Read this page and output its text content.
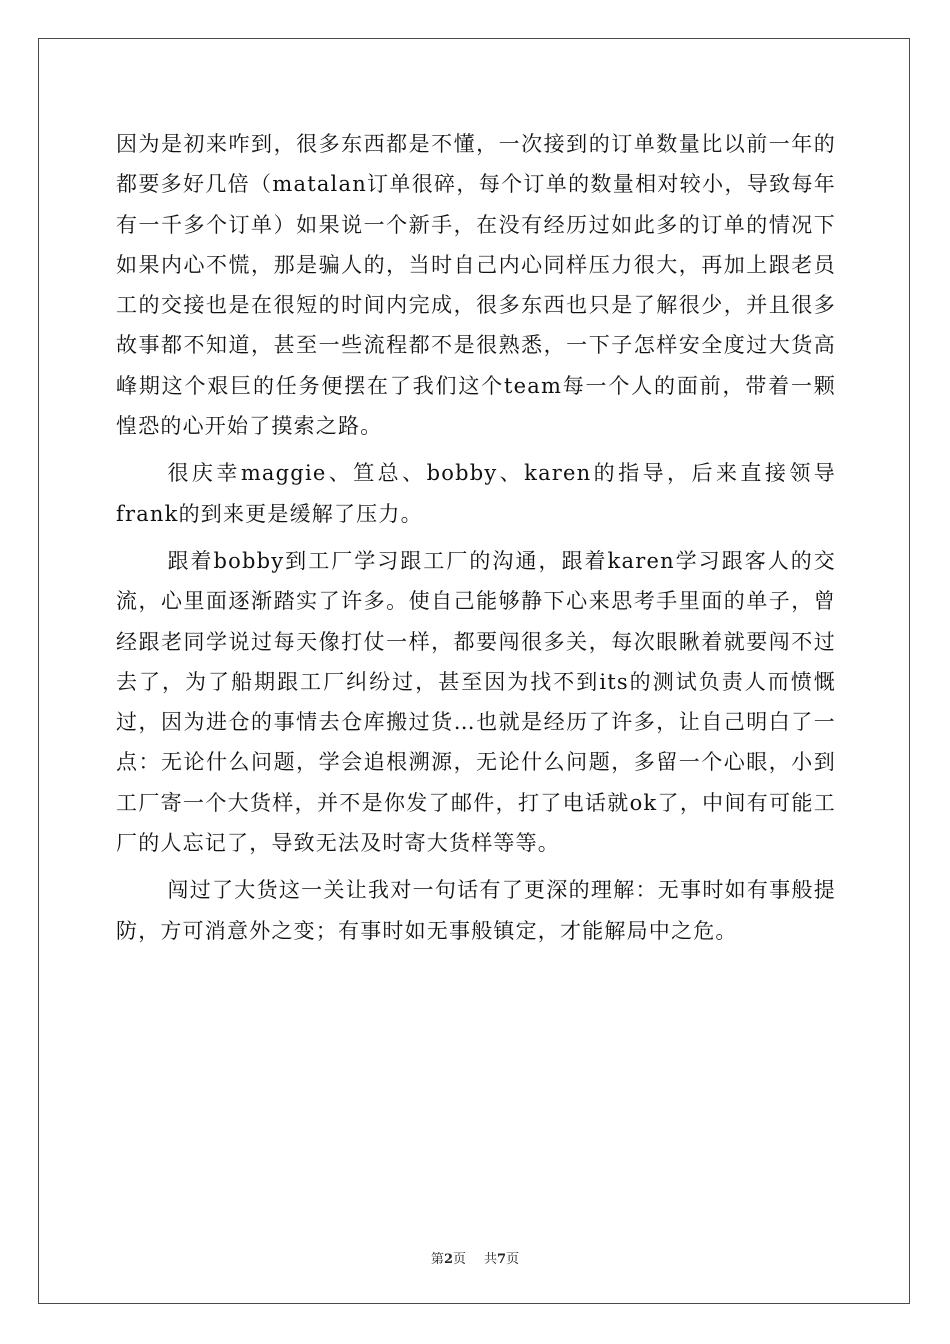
因为是初来咋到，很多东西都是不懂，一次接到的订单数量比以前一年的都要多好几倍（matalan订单很碎，每个订单的数量相对较小，导致每年有一千多个订单）如果说一个新手，在没有经历过如此多的订单的情况下如果内心不慌，那是骗人的，当时自己内心同样压力很大，再加上跟老员工的交接也是在很短的时间内完成，很多东西也只是了解很少，并且很多故事都不知道，甚至一些流程都不是很熟悉，一下子怎样安全度过大货高峰期这个艰巨的任务便摆在了我们这个team每一个人的面前，带着一颗惶恐的心开始了摸索之路。

很庆幸maggie、笪总、bobby、karen的指导，后来直接领导frank的到来更是缓解了压力。

跟着bobby到工厂学习跟工厂的沟通，跟着karen学习跟客人的交流，心里面逐渐踏实了许多。使自己能够静下心来思考手里面的单子，曾经跟老同学说过每天像打仗一样，都要闯很多关，每次眼瞅着就要闯不过去了，为了船期跟工厂纠纷过，甚至因为找不到its的测试负责人而愤慨过，因为进仓的事情去仓库搬过货…也就是经历了许多，让自己明白了一点：无论什么问题，学会追根溯源，无论什么问题，多留一个心眼，小到工厂寄一个大货样，并不是你发了邮件，打了电话就ok了，中间有可能工厂的人忘记了，导致无法及时寄大货样等等。

闯过了大货这一关让我对一句话有了更深的理解：无事时如有事般提防，方可消意外之变；有事时如无事般镇定，才能解局中之危。

第2页 共7页
